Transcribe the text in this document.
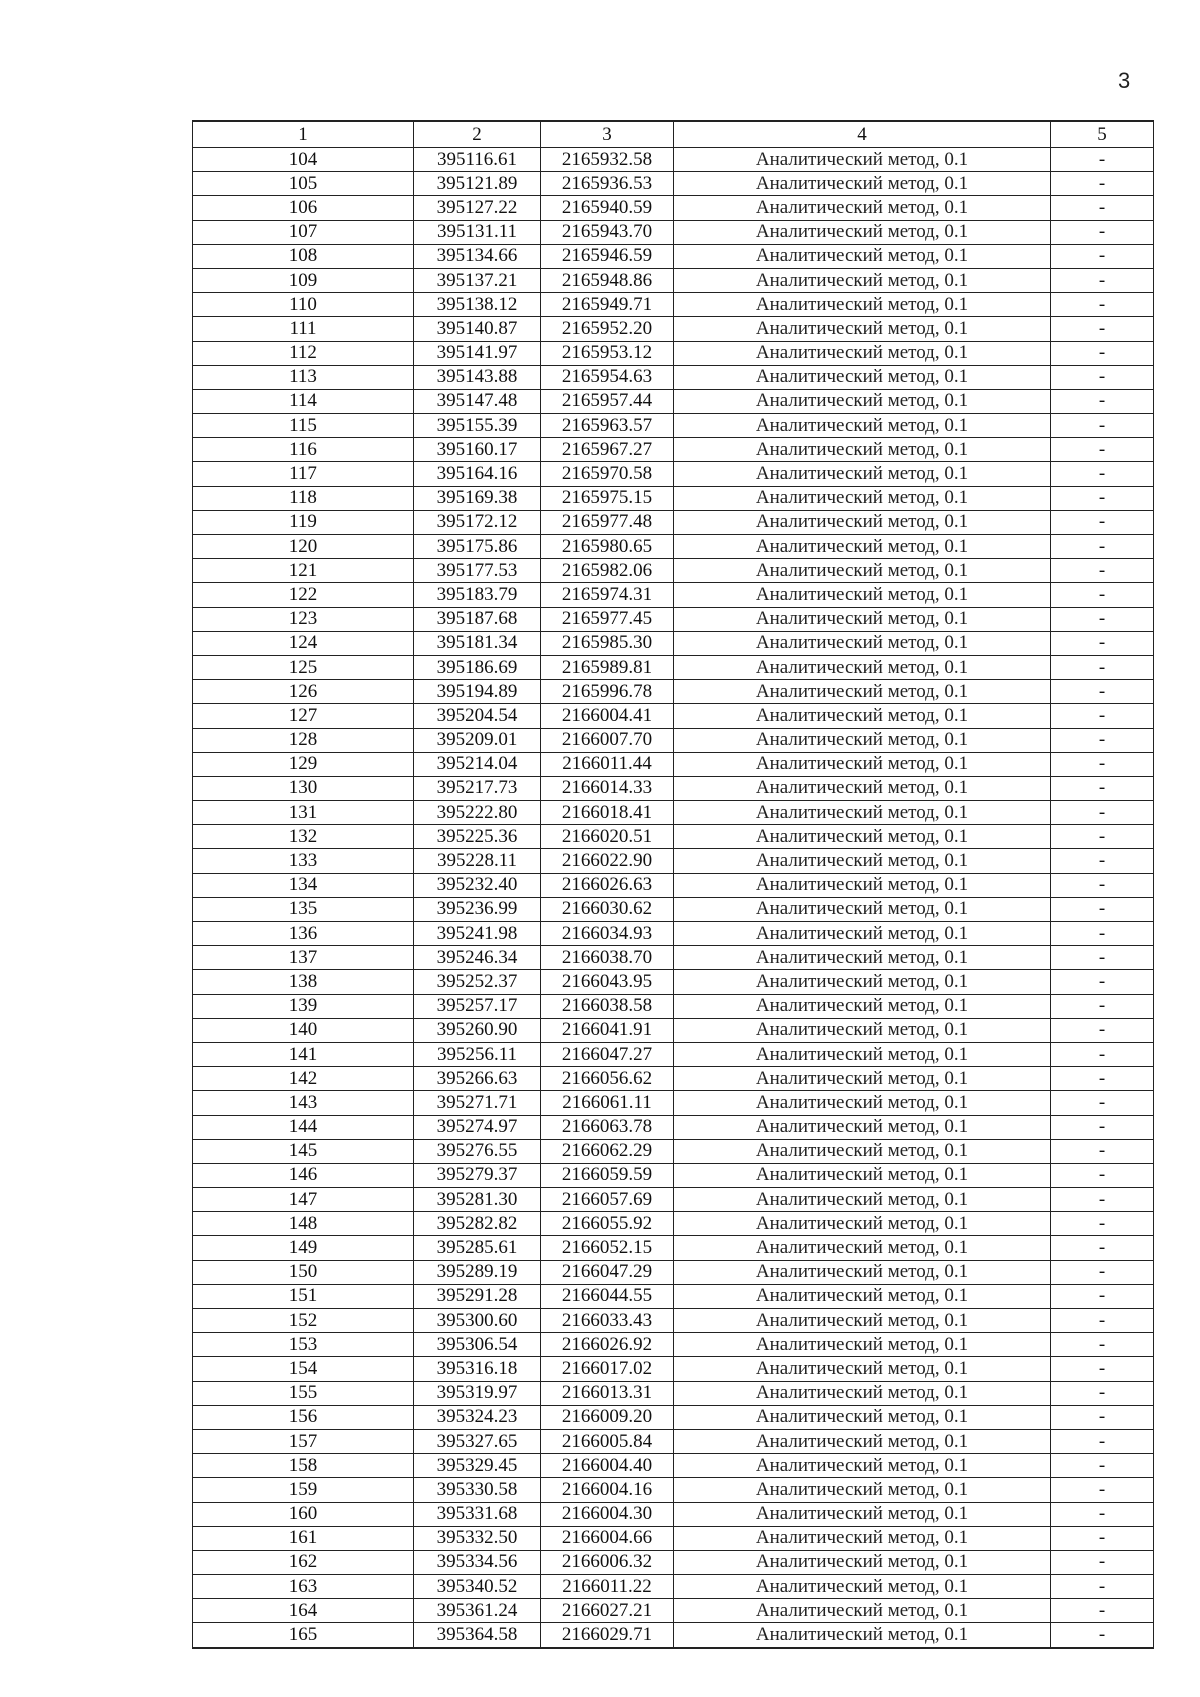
3
1	2	3	4	5
104	395116.61	2165932.58	Аналитический метод, 0.1	-
105	395121.89	2165936.53	Аналитический метод, 0.1	-
106	395127.22	2165940.59	Аналитический метод, 0.1	-
107	395131.11	2165943.70	Аналитический метод, 0.1	-
108	395134.66	2165946.59	Аналитический метод, 0.1	-
109	395137.21	2165948.86	Аналитический метод, 0.1	-
110	395138.12	2165949.71	Аналитический метод, 0.1	-
111	395140.87	2165952.20	Аналитический метод, 0.1	-
112	395141.97	2165953.12	Аналитический метод, 0.1	-
113	395143.88	2165954.63	Аналитический метод, 0.1	-
114	395147.48	2165957.44	Аналитический метод, 0.1	-
115	395155.39	2165963.57	Аналитический метод, 0.1	-
116	395160.17	2165967.27	Аналитический метод, 0.1	-
117	395164.16	2165970.58	Аналитический метод, 0.1	-
118	395169.38	2165975.15	Аналитический метод, 0.1	-
119	395172.12	2165977.48	Аналитический метод, 0.1	-
120	395175.86	2165980.65	Аналитический метод, 0.1	-
121	395177.53	2165982.06	Аналитический метод, 0.1	-
122	395183.79	2165974.31	Аналитический метод, 0.1	-
123	395187.68	2165977.45	Аналитический метод, 0.1	-
124	395181.34	2165985.30	Аналитический метод, 0.1	-
125	395186.69	2165989.81	Аналитический метод, 0.1	-
126	395194.89	2165996.78	Аналитический метод, 0.1	-
127	395204.54	2166004.41	Аналитический метод, 0.1	-
128	395209.01	2166007.70	Аналитический метод, 0.1	-
129	395214.04	2166011.44	Аналитический метод, 0.1	-
130	395217.73	2166014.33	Аналитический метод, 0.1	-
131	395222.80	2166018.41	Аналитический метод, 0.1	-
132	395225.36	2166020.51	Аналитический метод, 0.1	-
133	395228.11	2166022.90	Аналитический метод, 0.1	-
134	395232.40	2166026.63	Аналитический метод, 0.1	-
135	395236.99	2166030.62	Аналитический метод, 0.1	-
136	395241.98	2166034.93	Аналитический метод, 0.1	-
137	395246.34	2166038.70	Аналитический метод, 0.1	-
138	395252.37	2166043.95	Аналитический метод, 0.1	-
139	395257.17	2166038.58	Аналитический метод, 0.1	-
140	395260.90	2166041.91	Аналитический метод, 0.1	-
141	395256.11	2166047.27	Аналитический метод, 0.1	-
142	395266.63	2166056.62	Аналитический метод, 0.1	-
143	395271.71	2166061.11	Аналитический метод, 0.1	-
144	395274.97	2166063.78	Аналитический метод, 0.1	-
145	395276.55	2166062.29	Аналитический метод, 0.1	-
146	395279.37	2166059.59	Аналитический метод, 0.1	-
147	395281.30	2166057.69	Аналитический метод, 0.1	-
148	395282.82	2166055.92	Аналитический метод, 0.1	-
149	395285.61	2166052.15	Аналитический метод, 0.1	-
150	395289.19	2166047.29	Аналитический метод, 0.1	-
151	395291.28	2166044.55	Аналитический метод, 0.1	-
152	395300.60	2166033.43	Аналитический метод, 0.1	-
153	395306.54	2166026.92	Аналитический метод, 0.1	-
154	395316.18	2166017.02	Аналитический метод, 0.1	-
155	395319.97	2166013.31	Аналитический метод, 0.1	-
156	395324.23	2166009.20	Аналитический метод, 0.1	-
157	395327.65	2166005.84	Аналитический метод, 0.1	-
158	395329.45	2166004.40	Аналитический метод, 0.1	-
159	395330.58	2166004.16	Аналитический метод, 0.1	-
160	395331.68	2166004.30	Аналитический метод, 0.1	-
161	395332.50	2166004.66	Аналитический метод, 0.1	-
162	395334.56	2166006.32	Аналитический метод, 0.1	-
163	395340.52	2166011.22	Аналитический метод, 0.1	-
164	395361.24	2166027.21	Аналитический метод, 0.1	-
165	395364.58	2166029.71	Аналитический метод, 0.1	-
